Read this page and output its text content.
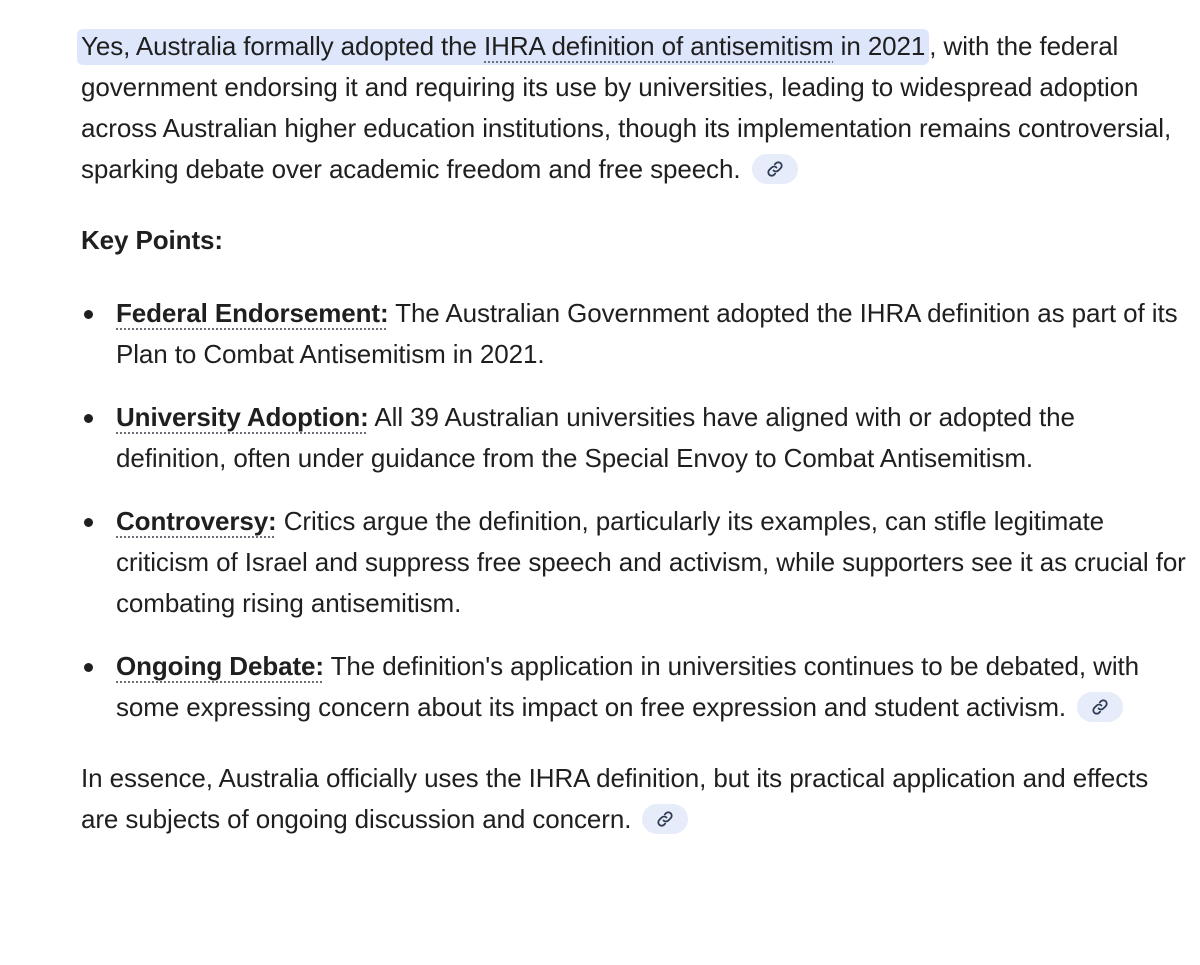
Yes, Australia formally adopted the IHRA definition of antisemitism in 2021 , with the federal government endorsing it and requiring its use by universities, leading to widespread adoption across Australian higher education institutions, though its implementation remains controversial, sparking debate over academic freedom and free speech.

Key Points:

Federal Endorsement: The Australian Government adopted the IHRA definition as part of its Plan to Combat Antisemitism in 2021.
University Adoption: All 39 Australian universities have aligned with or adopted the definition, often under guidance from the Special Envoy to Combat Antisemitism.
Controversy: Critics argue the definition, particularly its examples, can stifle legitimate criticism of Israel and suppress free speech and activism, while supporters see it as crucial for combating rising antisemitism.
Ongoing Debate: The definition's application in universities continues to be debated, with some expressing concern about its impact on free expression and student activism.

In essence, Australia officially uses the IHRA definition, but its practical application and effects are subjects of ongoing discussion and concern.
